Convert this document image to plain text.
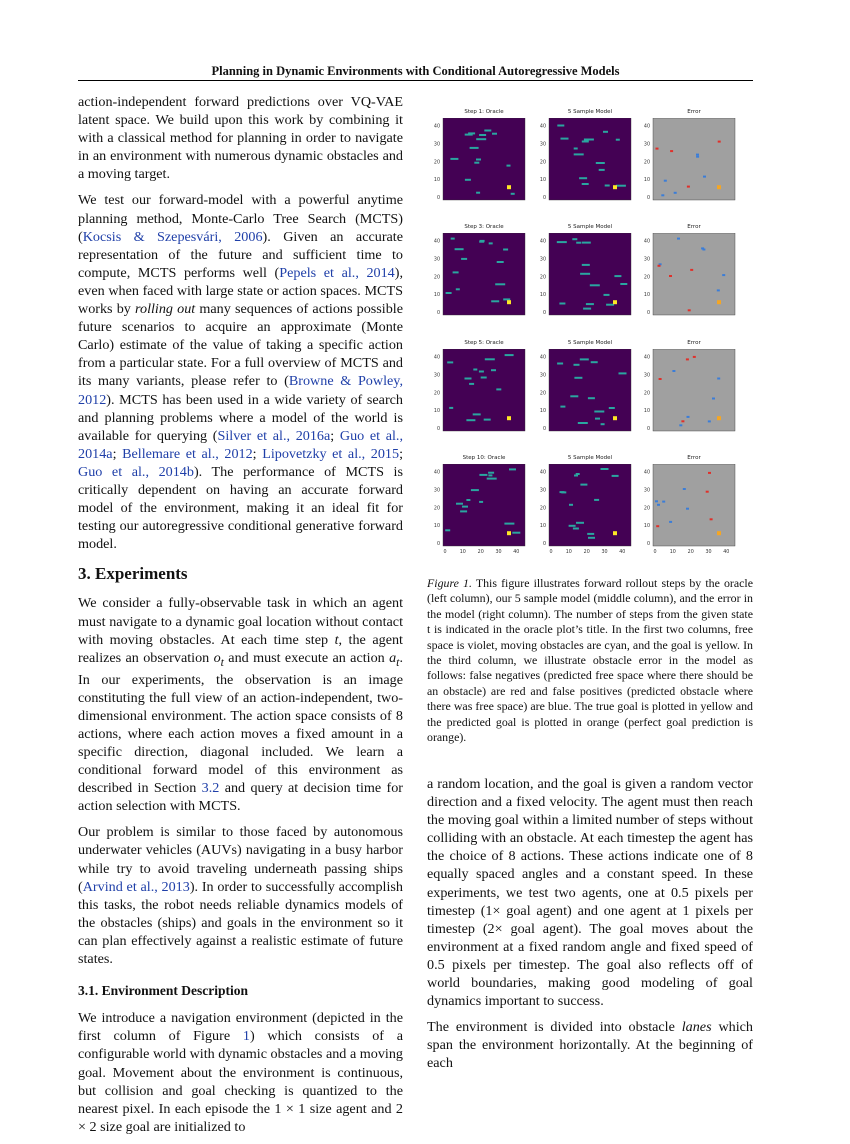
Planning in Dynamic Environments with Conditional Autoregressive Models

action-independent forward predictions over VQ-VAE latent space. We build upon this work by combining it with a classical method for planning in order to navigate in an environment with numerous dynamic obstacles and a moving target.

We test our forward-model with a powerful anytime planning method, Monte-Carlo Tree Search (MCTS) (Kocsis & Szepesvári, 2006). Given an accurate representation of the future and sufficient time to compute, MCTS performs well (Pepels et al., 2014), even when faced with large state or action spaces. MCTS works by rolling out many sequences of actions possible future scenarios to acquire an approximate (Monte Carlo) estimate of the value of taking a specific action from a particular state. For a full overview of MCTS and its many variants, please refer to (Browne & Powley, 2012). MCTS has been used in a wide variety of search and planning problems where a model of the world is available for querying (Silver et al., 2016a; Guo et al., 2014a; Bellemare et al., 2012; Lipovetzky et al., 2015; Guo et al., 2014b). The performance of MCTS is critically dependent on having an accurate forward model of the environment, making it an ideal fit for testing our autoregressive conditional generative forward model.

3. Experiments

We consider a fully-observable task in which an agent must navigate to a dynamic goal location without contact with moving obstacles. At each time step t, the agent realizes an observation $o_t$ and must execute an action $a_t$. In our experiments, the observation is an image constituting the full view of an action-independent, two-dimensional environment. The action space consists of 8 actions, where each action moves a fixed amount in a specific direction, diagonal included. We learn a conditional forward model of this environment as described in Section 3.2 and query at decision time for action selection with MCTS.

Our problem is similar to those faced by autonomous underwater vehicles (AUVs) navigating in a busy harbor while try to avoid traveling underneath passing ships (Arvind et al., 2013). In order to successfully accomplish this tasks, the robot needs reliable dynamics models of the obstacles (ships) and goals in the environment so it can plan effectively against a realistic estimate of future states.

3.1. Environment Description

We introduce a navigation environment (depicted in the first column of Figure 1) which consists of a configurable world with dynamic obstacles and a moving goal. Movement about the environment is continuous, but collision and goal checking is quantized to the nearest pixel. In each episode the 1 × 1 size agent and 2 × 2 size goal are initialized to

Step 1: Oracle
0
10
20
30
40
5 Sample Model
0
10
20
30
40
Error
0
10
20
30
40
Step 3: Oracle
0
10
20
30
40
5 Sample Model
0
10
20
30
40
Error
0
10
20
30
40
Step 5: Oracle
0
10
20
30
40
5 Sample Model
0
10
20
30
40
Error
0
10
20
30
40
Step 10: Oracle
0
10
20
30
40
0	10 20 30 40
5 Sample Model
0
10
20
30
40
0	10 20 30 40
Error
0
10
20
30
40
0	10 20 30 40
Figure 1. This figure illustrates forward rollout steps by the oracle (left column), our 5 sample model (middle column), and the error in the model (right column). The number of steps from the given state t is indicated in the oracle plot’s title. In the first two columns, free space is violet, moving obstacles are cyan, and the goal is yellow. In the third column, we illustrate obstacle error in the model as follows: false negatives (predicted free space where there should be an obstacle) are red and false positives (predicted obstacle where there was free space) are blue. The true goal is plotted in yellow and the predicted goal is plotted in orange (perfect goal prediction is orange).

a random location, and the goal is given a random vector direction and a fixed velocity. The agent must then reach the moving goal within a limited number of steps without colliding with an obstacle. At each timestep the agent has the choice of 8 actions. These actions indicate one of 8 equally spaced angles and a constant speed. In these experiments, we test two agents, one at 0.5 pixels per timestep (1× goal agent) and one agent at 1 pixels per timestep (2× goal agent). The goal moves about the environment at a fixed random angle and fixed speed of 0.5 pixels per timestep. The goal also reflects off of world boundaries, making good modeling of goal dynamics important to success.

The environment is divided into obstacle lanes which span the environment horizontally. At the beginning of each
